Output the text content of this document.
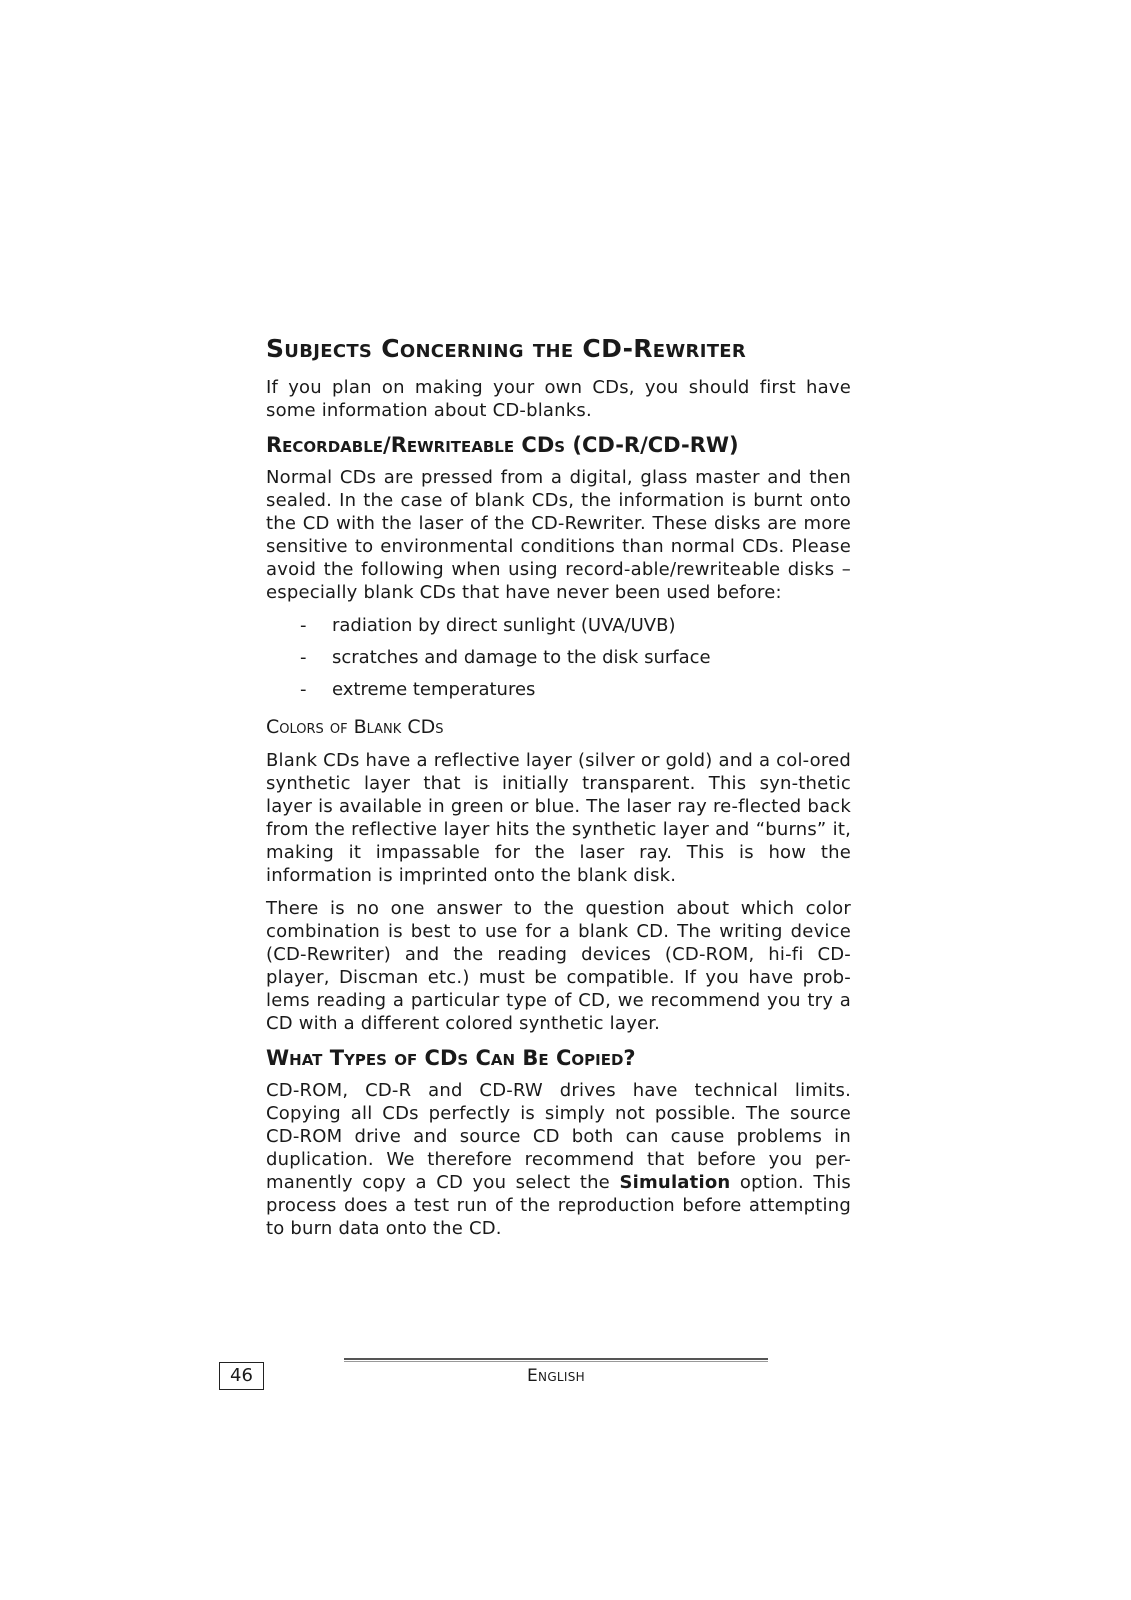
Subjects Concerning the CD-Rewriter

If you plan on making your own CDs, you should first have some information about CD-blanks.

Recordable/Rewriteable CDs (CD-R/CD-RW)

Normal CDs are pressed from a digital, glass master and then sealed. In the case of blank CDs, the information is burnt onto the CD with the laser of the CD-Rewriter. These disks are more sensitive to environmental conditions than normal CDs. Please avoid the following when using record-able/rewriteable disks – especially blank CDs that have never been used before:

- radiation by direct sunlight (UVA/UVB)
- scratches and damage to the disk surface
- extreme temperatures
Colors of Blank CDs

Blank CDs have a reflective layer (silver or gold) and a col-ored synthetic layer that is initially transparent. This syn-thetic layer is available in green or blue. The laser ray re-flected back from the reflective layer hits the synthetic layer and “burns” it, making it impassable for the laser ray. This is how the information is imprinted onto the blank disk.

There is no one answer to the question about which color combination is best to use for a blank CD. The writing device (CD-Rewriter) and the reading devices (CD-ROM, hi-fi CD-player, Discman etc.) must be compatible. If you have prob-lems reading a particular type of CD, we recommend you try a CD with a different colored synthetic layer.

What Types of CDs Can Be Copied?

CD-ROM, CD-R and CD-RW drives have technical limits. Copying all CDs perfectly is simply not possible. The source CD-ROM drive and source CD both can cause problems in duplication. We therefore recommend that before you per-manently copy a CD you select the Simulation option. This process does a test run of the reproduction before attempting to burn data onto the CD.

46	English
